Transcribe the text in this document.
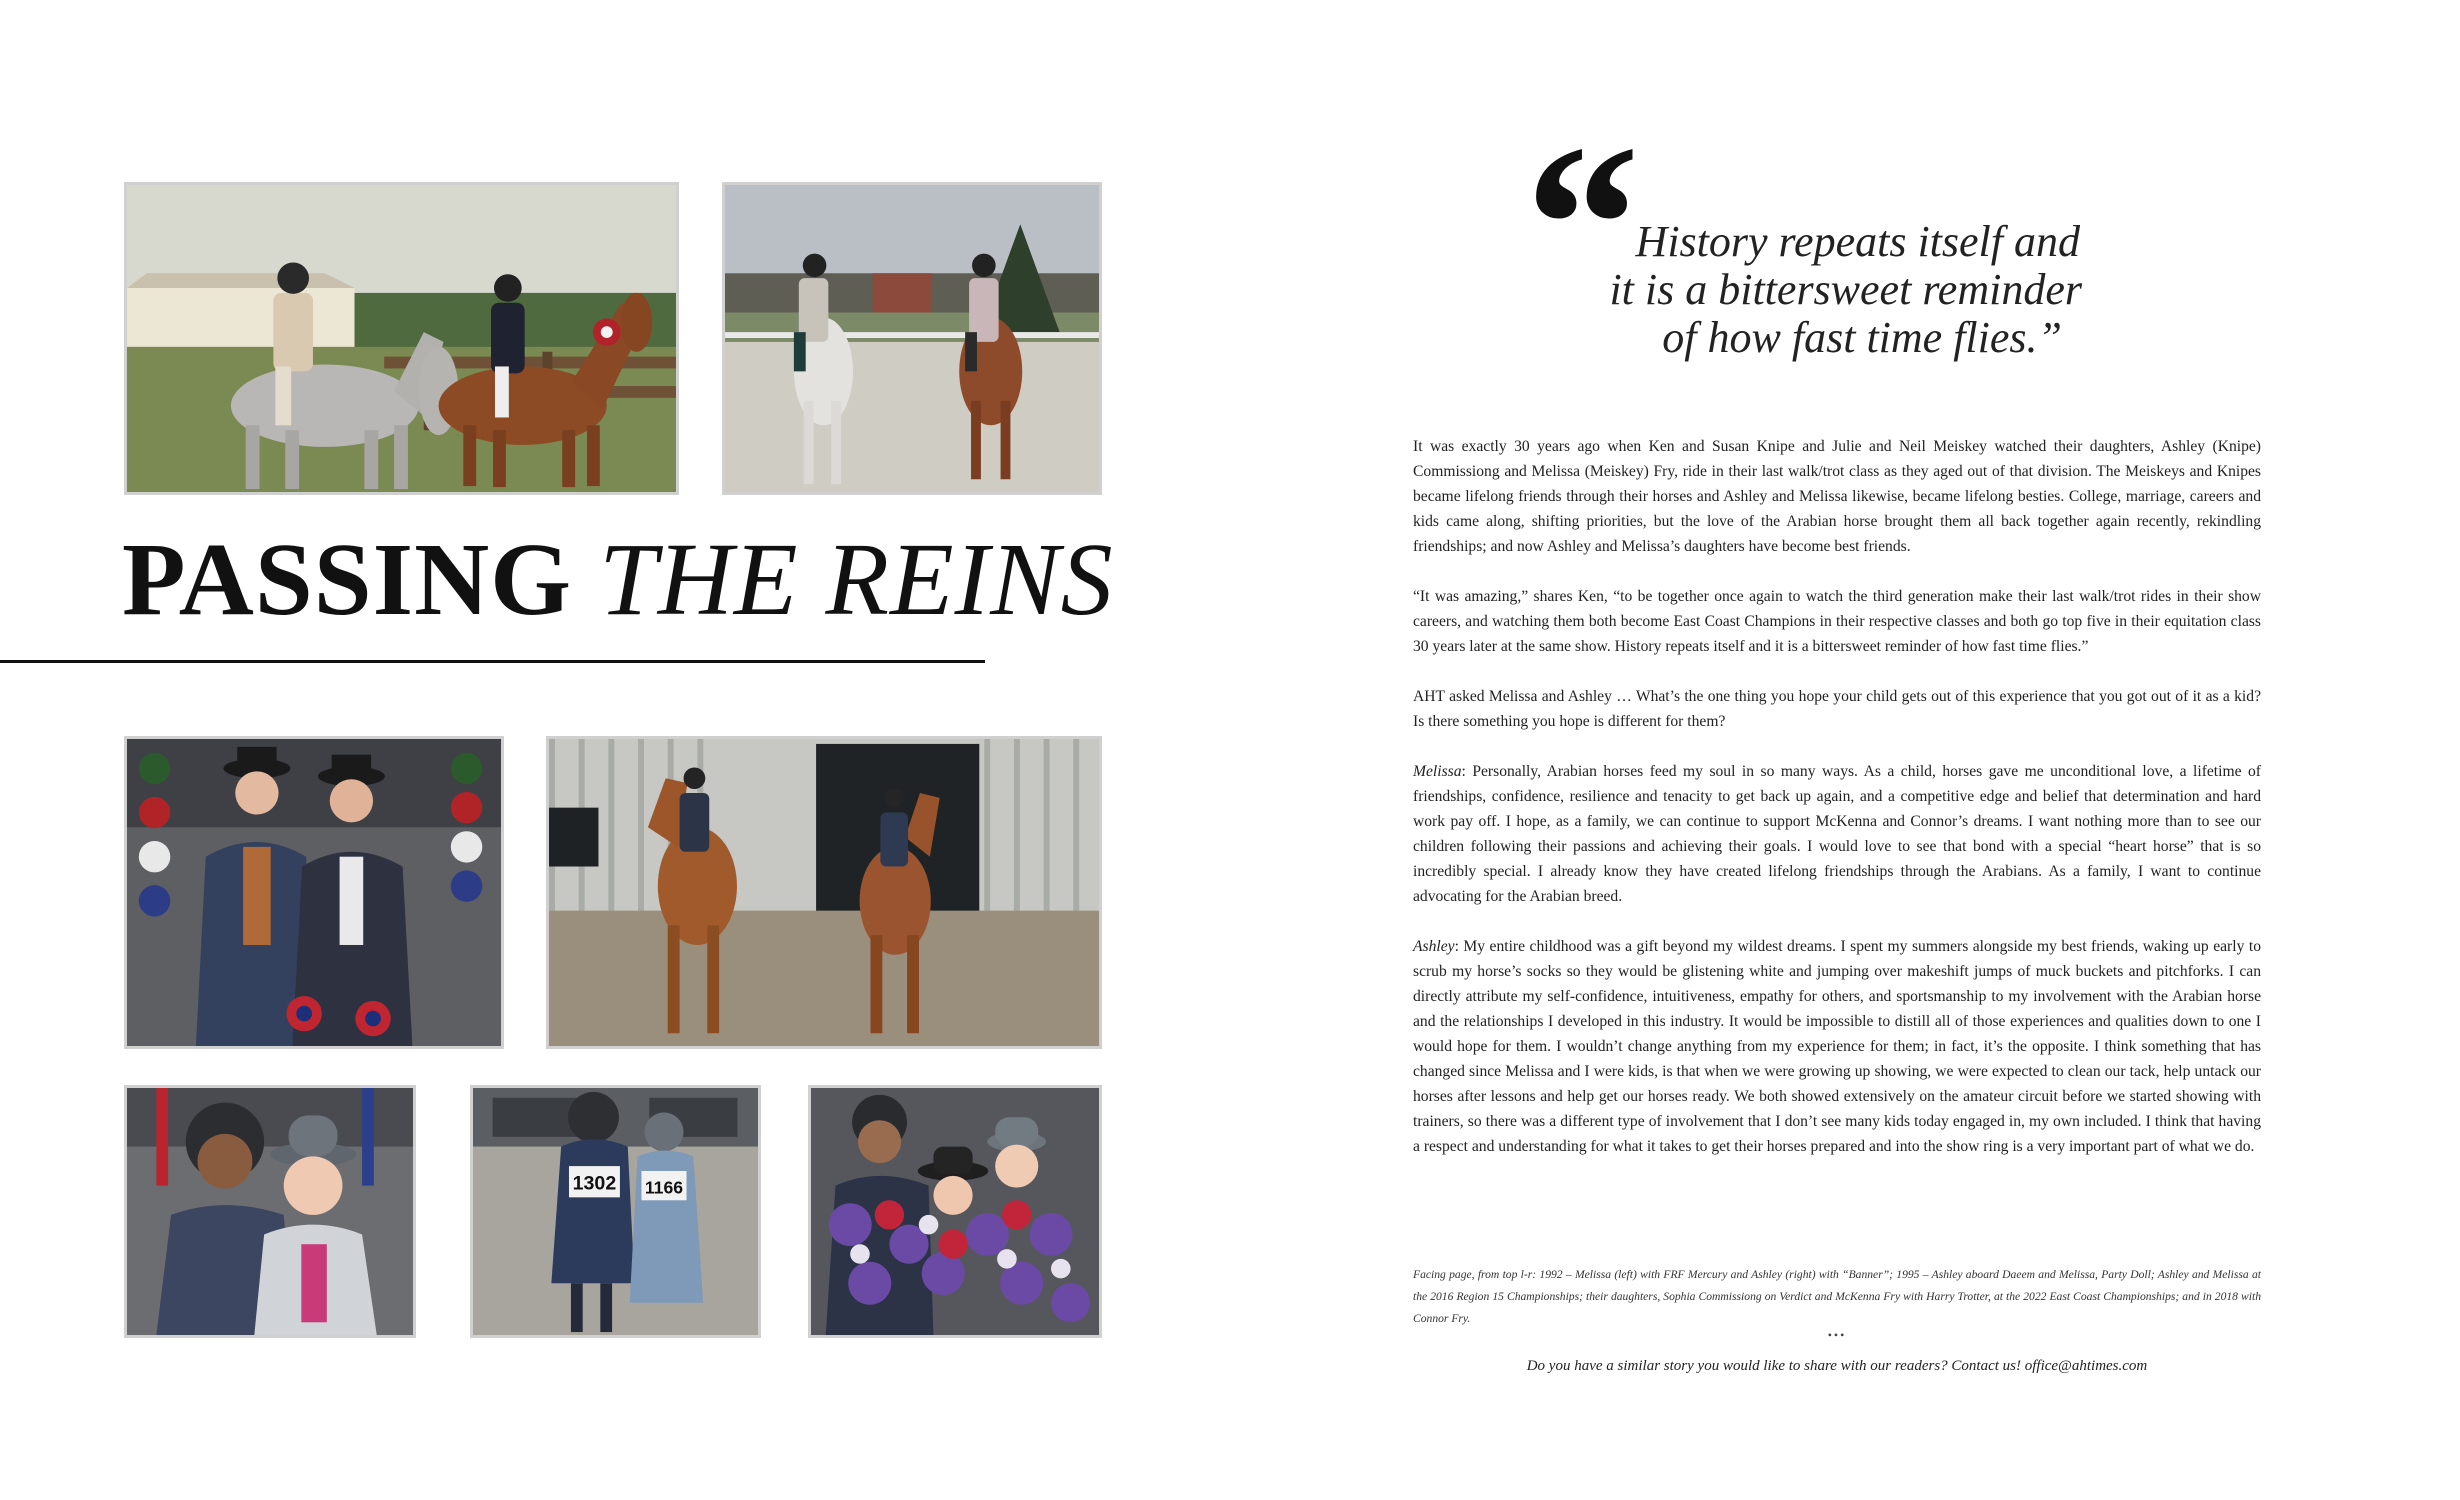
PASSING THE REINS
1302 1166
“
History repeats itself and
it is a bittersweet reminder
of how fast time flies.”

It was exactly 30 years ago when Ken and Susan Knipe and Julie and Neil Meiskey watched their daughters, Ashley (Knipe) Commissiong and Melissa (Meiskey) Fry, ride in their last walk/trot class as they aged out of that division. The Meiskeys and Knipes became lifelong friends through their horses and Ashley and Melissa likewise, became lifelong besties. College, marriage, careers and kids came along, shifting priorities, but the love of the Arabian horse brought them all back together again recently, rekindling friendships; and now Ashley and Melissa’s daughters have become best friends.

“It was amazing,” shares Ken, “to be together once again to watch the third generation make their last walk/trot rides in their show careers, and watching them both become East Coast Champions in their respective classes and both go top five in their equitation class 30 years later at the same show. History repeats itself and it is a bittersweet reminder of how fast time flies.”

AHT asked Melissa and Ashley … What’s the one thing you hope your child gets out of this experience that you got out of it as a kid? Is there something you hope is different for them?

Melissa: Personally, Arabian horses feed my soul in so many ways. As a child, horses gave me unconditional love, a lifetime of friendships, confidence, resilience and tenacity to get back up again, and a competitive edge and belief that determination and hard work pay off. I hope, as a family, we can continue to support McKenna and Connor’s dreams. I want nothing more than to see our children following their passions and achieving their goals. I would love to see that bond with a special “heart horse” that is so incredibly special. I already know they have created lifelong friendships through the Arabians. As a family, I want to continue advocating for the Arabian breed.

Ashley: My entire childhood was a gift beyond my wildest dreams. I spent my summers alongside my best friends, waking up early to scrub my horse’s socks so they would be glistening white and jumping over makeshift jumps of muck buckets and pitchforks. I can directly attribute my self-confidence, intuitiveness, empathy for others, and sportsmanship to my involvement with the Arabian horse and the relationships I developed in this industry. It would be impossible to distill all of those experiences and qualities down to one I would hope for them. I wouldn’t change anything from my experience for them; in fact, it’s the opposite. I think something that has changed since Melissa and I were kids, is that when we were growing up showing, we were expected to clean our tack, help untack our horses after lessons and help get our horses ready. We both showed extensively on the amateur circuit before we started showing with trainers, so there was a different type of involvement that I don’t see many kids today engaged in, my own included. I think that having a respect and understanding for what it takes to get their horses prepared and into the show ring is a very important part of what we do.

Facing page, from top l-r: 1992 – Melissa (left) with FRF Mercury and Ashley (right) with “Banner”; 1995 – Ashley aboard Daeem and Melissa, Party Doll; Ashley and Melissa at the 2016 Region 15 Championships; their daughters, Sophia Commissiong on Verdict and McKenna Fry with Harry Trotter, at the 2022 East Coast Championships; and in 2018 with Connor Fry.
•••
Do you have a similar story you would like to share with our readers? Contact us! office@ahtimes.com
